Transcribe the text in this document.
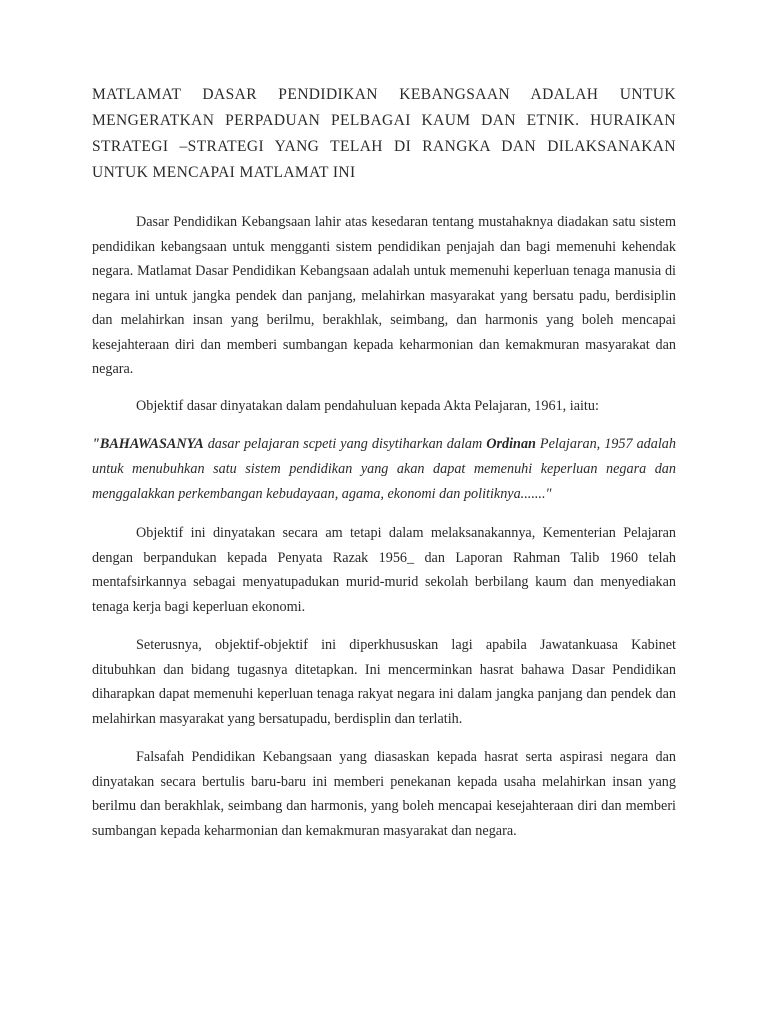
MATLAMAT DASAR PENDIDIKAN KEBANGSAAN ADALAH UNTUK MENGERATKAN PERPADUAN PELBAGAI KAUM DAN ETNIK. HURAIKAN STRATEGI –STRATEGI YANG TELAH DI RANGKA DAN DILAKSANAKAN UNTUK MENCAPAI MATLAMAT INI

Dasar Pendidikan Kebangsaan lahir atas kesedaran tentang mustahaknya diadakan satu sistem pendidikan kebangsaan untuk mengganti sistem pendidikan penjajah dan bagi memenuhi kehendak negara. Matlamat Dasar Pendidikan Kebangsaan adalah untuk memenuhi keperluan tenaga manusia di negara ini untuk jangka pendek dan panjang, melahirkan masyarakat yang bersatu padu, berdisiplin dan melahirkan insan yang berilmu, berakhlak, seimbang, dan harmonis yang boleh mencapai kesejahteraan diri dan memberi sumbangan kepada keharmonian dan kemakmuran masyarakat dan negara.

Objektif dasar dinyatakan dalam pendahuluan kepada Akta Pelajaran, 1961, iaitu:

"BAHAWASANYA dasar pelajaran scpeti yang disytiharkan dalam Ordinan Pelajaran, 1957 adalah untuk menubuhkan satu sistem pendidikan yang akan dapat memenuhi keperluan negara dan menggalakkan perkembangan kebudayaan, agama, ekonomi dan politiknya......."

Objektif ini dinyatakan secara am tetapi dalam melaksanakannya, Kementerian Pelajaran dengan berpandukan kepada Penyata Razak 1956_ dan Laporan Rahman Talib 1960 telah mentafsirkannya sebagai menyatupadukan murid-murid sekolah berbilang kaum dan menyediakan tenaga kerja bagi keperluan ekonomi.

Seterusnya, objektif-objektif ini diperkhususkan lagi apabila Jawatankuasa Kabinet ditubuhkan dan bidang tugasnya ditetapkan. Ini mencerminkan hasrat bahawa Dasar Pendidikan diharapkan dapat memenuhi keperluan tenaga rakyat negara ini dalam jangka panjang dan pendek dan melahirkan masyarakat yang bersatupadu, berdisplin dan terlatih.

Falsafah Pendidikan Kebangsaan yang diasaskan kepada hasrat serta aspirasi negara dan dinyatakan secara bertulis baru-baru ini memberi penekanan kepada usaha melahirkan insan yang berilmu dan berakhlak, seimbang dan harmonis, yang boleh mencapai kesejahteraan diri dan memberi sumbangan kepada keharmonian dan kemakmuran masyarakat dan negara.
